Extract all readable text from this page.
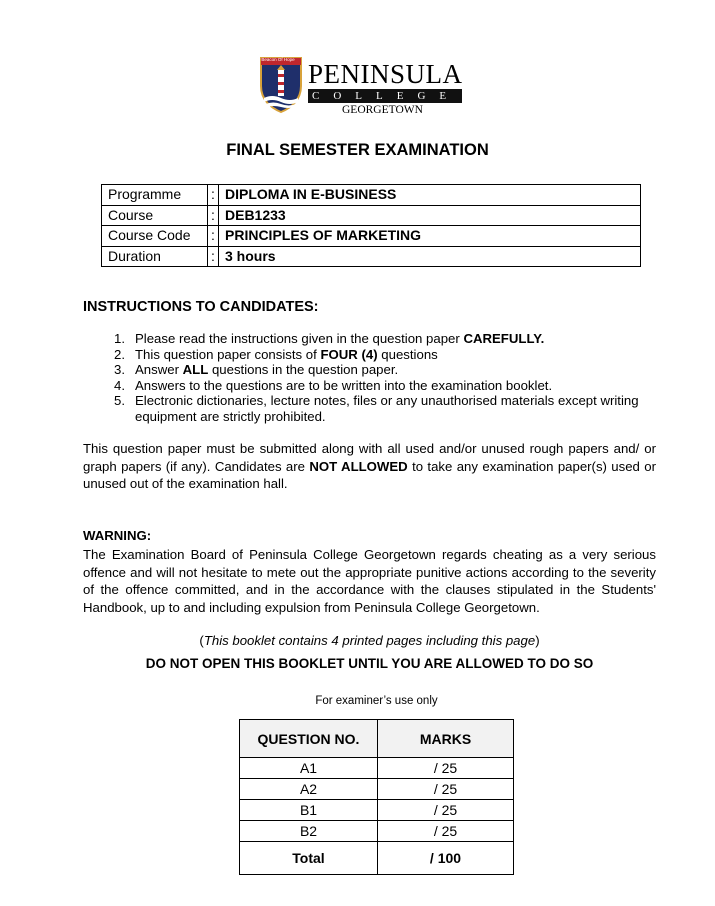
Beacon Of Hope PENINSULA
COLLEGE
GEORGETOWN
FINAL SEMESTER EXAMINATION
Programme	:	DIPLOMA IN E-BUSINESS
Course	:	DEB1233
Course Code	:	PRINCIPLES OF MARKETING
Duration	:	3 hours
INSTRUCTIONS TO CANDIDATES:
1. Please read the instructions given in the question paper CAREFULLY.
2. This question paper consists of FOUR (4) questions
3. Answer ALL questions in the question paper.
4. Answers to the questions are to be written into the examination booklet.
5. Electronic dictionaries, lecture notes, files or any unauthorised materials except writing equipment are strictly prohibited.
This question paper must be submitted along with all used and/or unused rough papers and/ or graph papers (if any). Candidates are NOT ALLOWED to take any examination paper(s) used or unused out of the examination hall.
WARNING:
The Examination Board of Peninsula College Georgetown regards cheating as a very serious offence and will not hesitate to mete out the appropriate punitive actions according to the severity of the offence committed, and in the accordance with the clauses stipulated in the Students' Handbook, up to and including expulsion from Peninsula College Georgetown.
(This booklet contains 4 printed pages including this page)
DO NOT OPEN THIS BOOKLET UNTIL YOU ARE ALLOWED TO DO SO
For examiner’s use only
QUESTION NO.	MARKS
A1	/ 25
A2	/ 25
B1	/ 25
B2	/ 25
Total	/ 100
